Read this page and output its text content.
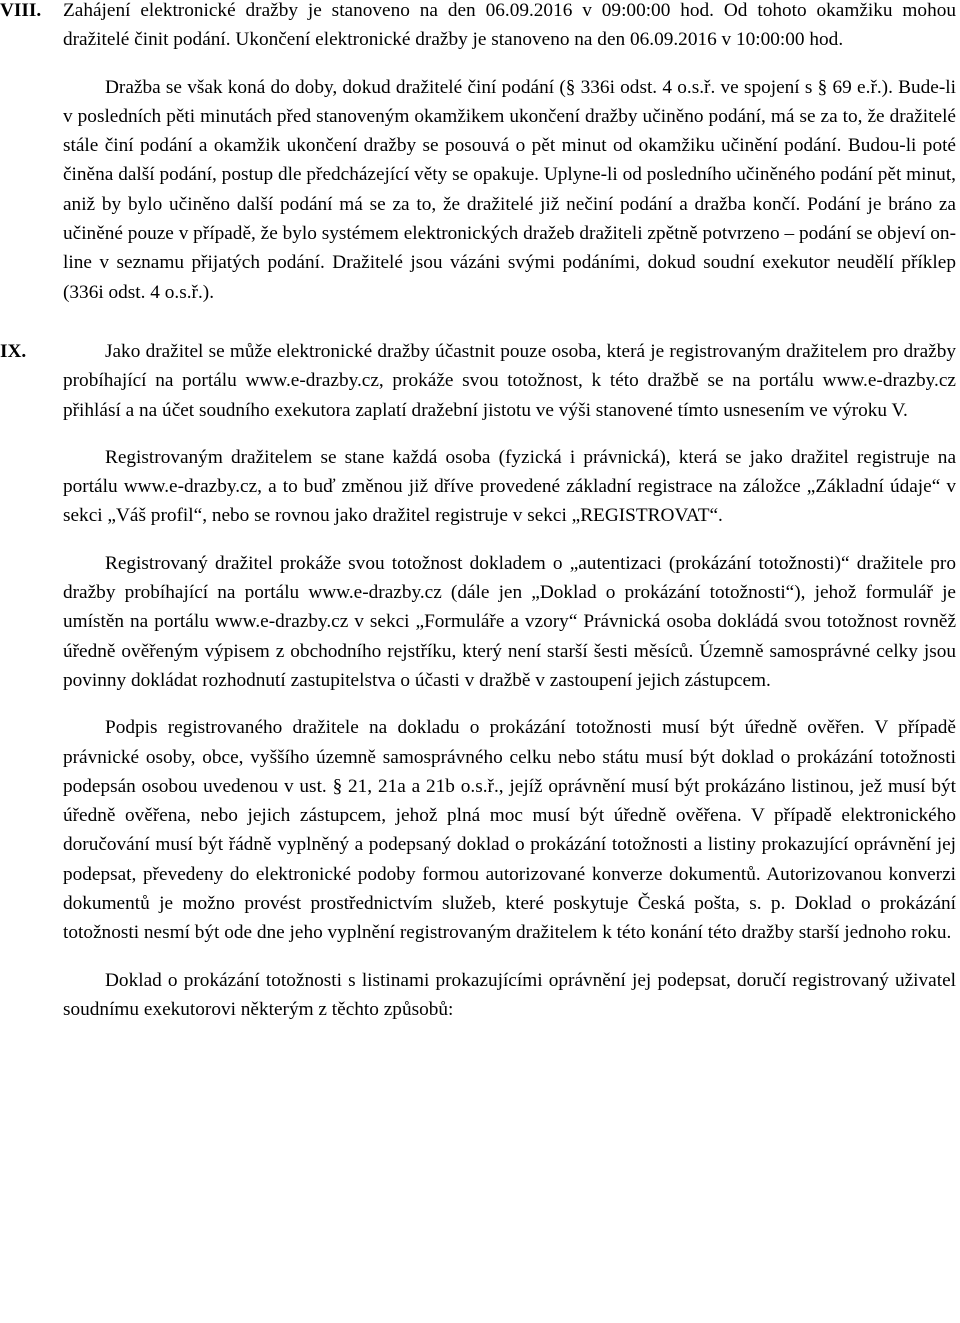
VIII. Zahájení elektronické dražby je stanoveno na den 06.09.2016 v 09:00:00 hod. Od tohoto okamžiku mohou dražitelé činit podání. Ukončení elektronické dražby je stanoveno na den 06.09.2016 v 10:00:00 hod.

Dražba se však koná do doby, dokud dražitelé činí podání (§ 336i odst. 4 o.s.ř. ve spojení s § 69 e.ř.). Bude-li v posledních pěti minutách před stanoveným okamžikem ukončení dražby učiněno podání, má se za to, že dražitelé stále činí podání a okamžik ukončení dražby se posouvá o pět minut od okamžiku učinění podání. Budou-li poté činěna další podání, postup dle předcházející věty se opakuje. Uplyne-li od posledního učiněného podání pět minut, aniž by bylo učiněno další podání má se za to, že dražitelé již nečiní podání a dražba končí. Podání je bráno za učiněné pouze v případě, že bylo systémem elektronických dražeb dražiteli zpětně potvrzeno – podání se objeví on-line v seznamu přijatých podání. Dražitelé jsou vázáni svými podáními, dokud soudní exekutor neudělí příklep (336i odst. 4 o.s.ř.).

IX.	Jako dražitel se může elektronické dražby účastnit pouze osoba, která je registrovaným dražitelem pro dražby probíhající na portálu www.e-drazby.cz, prokáže svou totožnost, k této dražbě se na portálu www.e-drazby.cz přihlásí a na účet soudního exekutora zaplatí dražební jistotu ve výši stanovené tímto usnesením ve výroku V.

Registrovaným dražitelem se stane každá osoba (fyzická i právnická), která se jako dražitel registruje na portálu www.e-drazby.cz, a to buď změnou již dříve provedené základní registrace na záložce „Základní údaje“ v sekci „Váš profil“, nebo se rovnou jako dražitel registruje v sekci „REGISTROVAT“.

Registrovaný dražitel prokáže svou totožnost dokladem o „autentizaci (prokázání totožnosti)“ dražitele pro dražby probíhající na portálu www.e-drazby.cz (dále jen „Doklad o prokázání totožnosti“), jehož formulář je umístěn na portálu www.e-drazby.cz v sekci „Formuláře a vzory“ Právnická osoba dokládá svou totožnost rovněž úředně ověřeným výpisem z obchodního rejstříku, který není starší šesti měsíců. Územně samosprávné celky jsou povinny dokládat rozhodnutí zastupitelstva o účasti v dražbě v zastoupení jejich zástupcem.

Podpis registrovaného dražitele na dokladu o prokázání totožnosti musí být úředně ověřen. V případě právnické osoby, obce, vyššího územně samosprávného celku nebo státu musí být doklad o prokázání totožnosti podepsán osobou uvedenou v ust. § 21, 21a a 21b o.s.ř., jejíž oprávnění musí být prokázáno listinou, jež musí být úředně ověřena, nebo jejich zástupcem, jehož plná moc musí být úředně ověřena. V případě elektronického doručování musí být řádně vyplněný a podepsaný doklad o prokázání totožnosti a listiny prokazující oprávnění jej podepsat, převedeny do elektronické podoby formou autorizované konverze dokumentů. Autorizovanou konverzi dokumentů je možno provést prostřednictvím služeb, které poskytuje Česká pošta, s. p. Doklad o prokázání totožnosti nesmí být ode dne jeho vyplnění registrovaným dražitelem k této konání této dražby starší jednoho roku.

Doklad o prokázání totožnosti s listinami prokazujícími oprávnění jej podepsat, doručí registrovaný uživatel soudnímu exekutorovi některým z těchto způsobů:
